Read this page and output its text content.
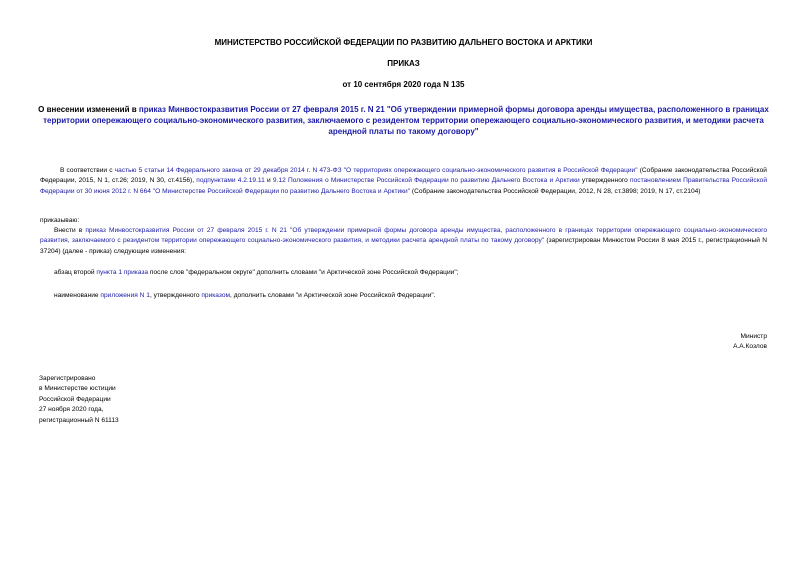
МИНИСТЕРСТВО РОССИЙСКОЙ ФЕДЕРАЦИИ ПО РАЗВИТИЮ ДАЛЬНЕГО ВОСТОКА И АРКТИКИ
ПРИКАЗ
от 10 сентября 2020 года N 135
О внесении изменений в приказ Минвостокразвития России от 27 февраля 2015 г. N 21 "Об утверждении примерной формы договора аренды имущества, расположенного в границах территории опережающего социально-экономического развития, заключаемого с резидентом территории опережающего социально-экономического развития, и методики расчета арендной платы по такому договору"
В соответствии с частью 5 статьи 14 Федерального закона от 29 декабря 2014 г. N 473-ФЗ "О территориях опережающего социально-экономического развития в Российской Федерации" (Собрание законодательства Российской Федерации, 2015, N 1, ст.26; 2019, N 30, ст.4156), подпунктами 4.2.19.11 и 9.12 Положения о Министерстве Российской Федерации по развитию Дальнего Востока и Арктики утвержденного постановлением Правительства Российской Федерации от 30 июня 2012 г. N 664 "О Министерстве Российской Федерации по развитию Дальнего Востока и Арктики" (Собрание законодательства Российской Федерации, 2012, N 28, ст.3898; 2019, N 17, ст.2104)
приказываю:
Внести в приказ Минвостокразвития России от 27 февраля 2015 г. N 21 "Об утверждении примерной формы договора аренды имущества, расположенного в границах территории опережающего социально-экономического развития, заключаемого с резидентом территории опережающего социально-экономического развития, и методики расчета арендной платы по такому договору" (зарегистрирован Минюстом России 8 мая 2015 г., регистрационный N 37204) (далее - приказ) следующие изменения:
абзац второй пункта 1 приказа после слов "федеральном округе" дополнить словами "и Арктической зоне Российской Федерации";
наименование приложения N 1, утвержденного приказом, дополнить словами "и Арктической зоне Российской Федерации".
Министр
А.А.Козлов
Зарегистрировано
в Министерстве юстиции
Российской Федерации
27 ноября 2020 года,
регистрационный N 61113
